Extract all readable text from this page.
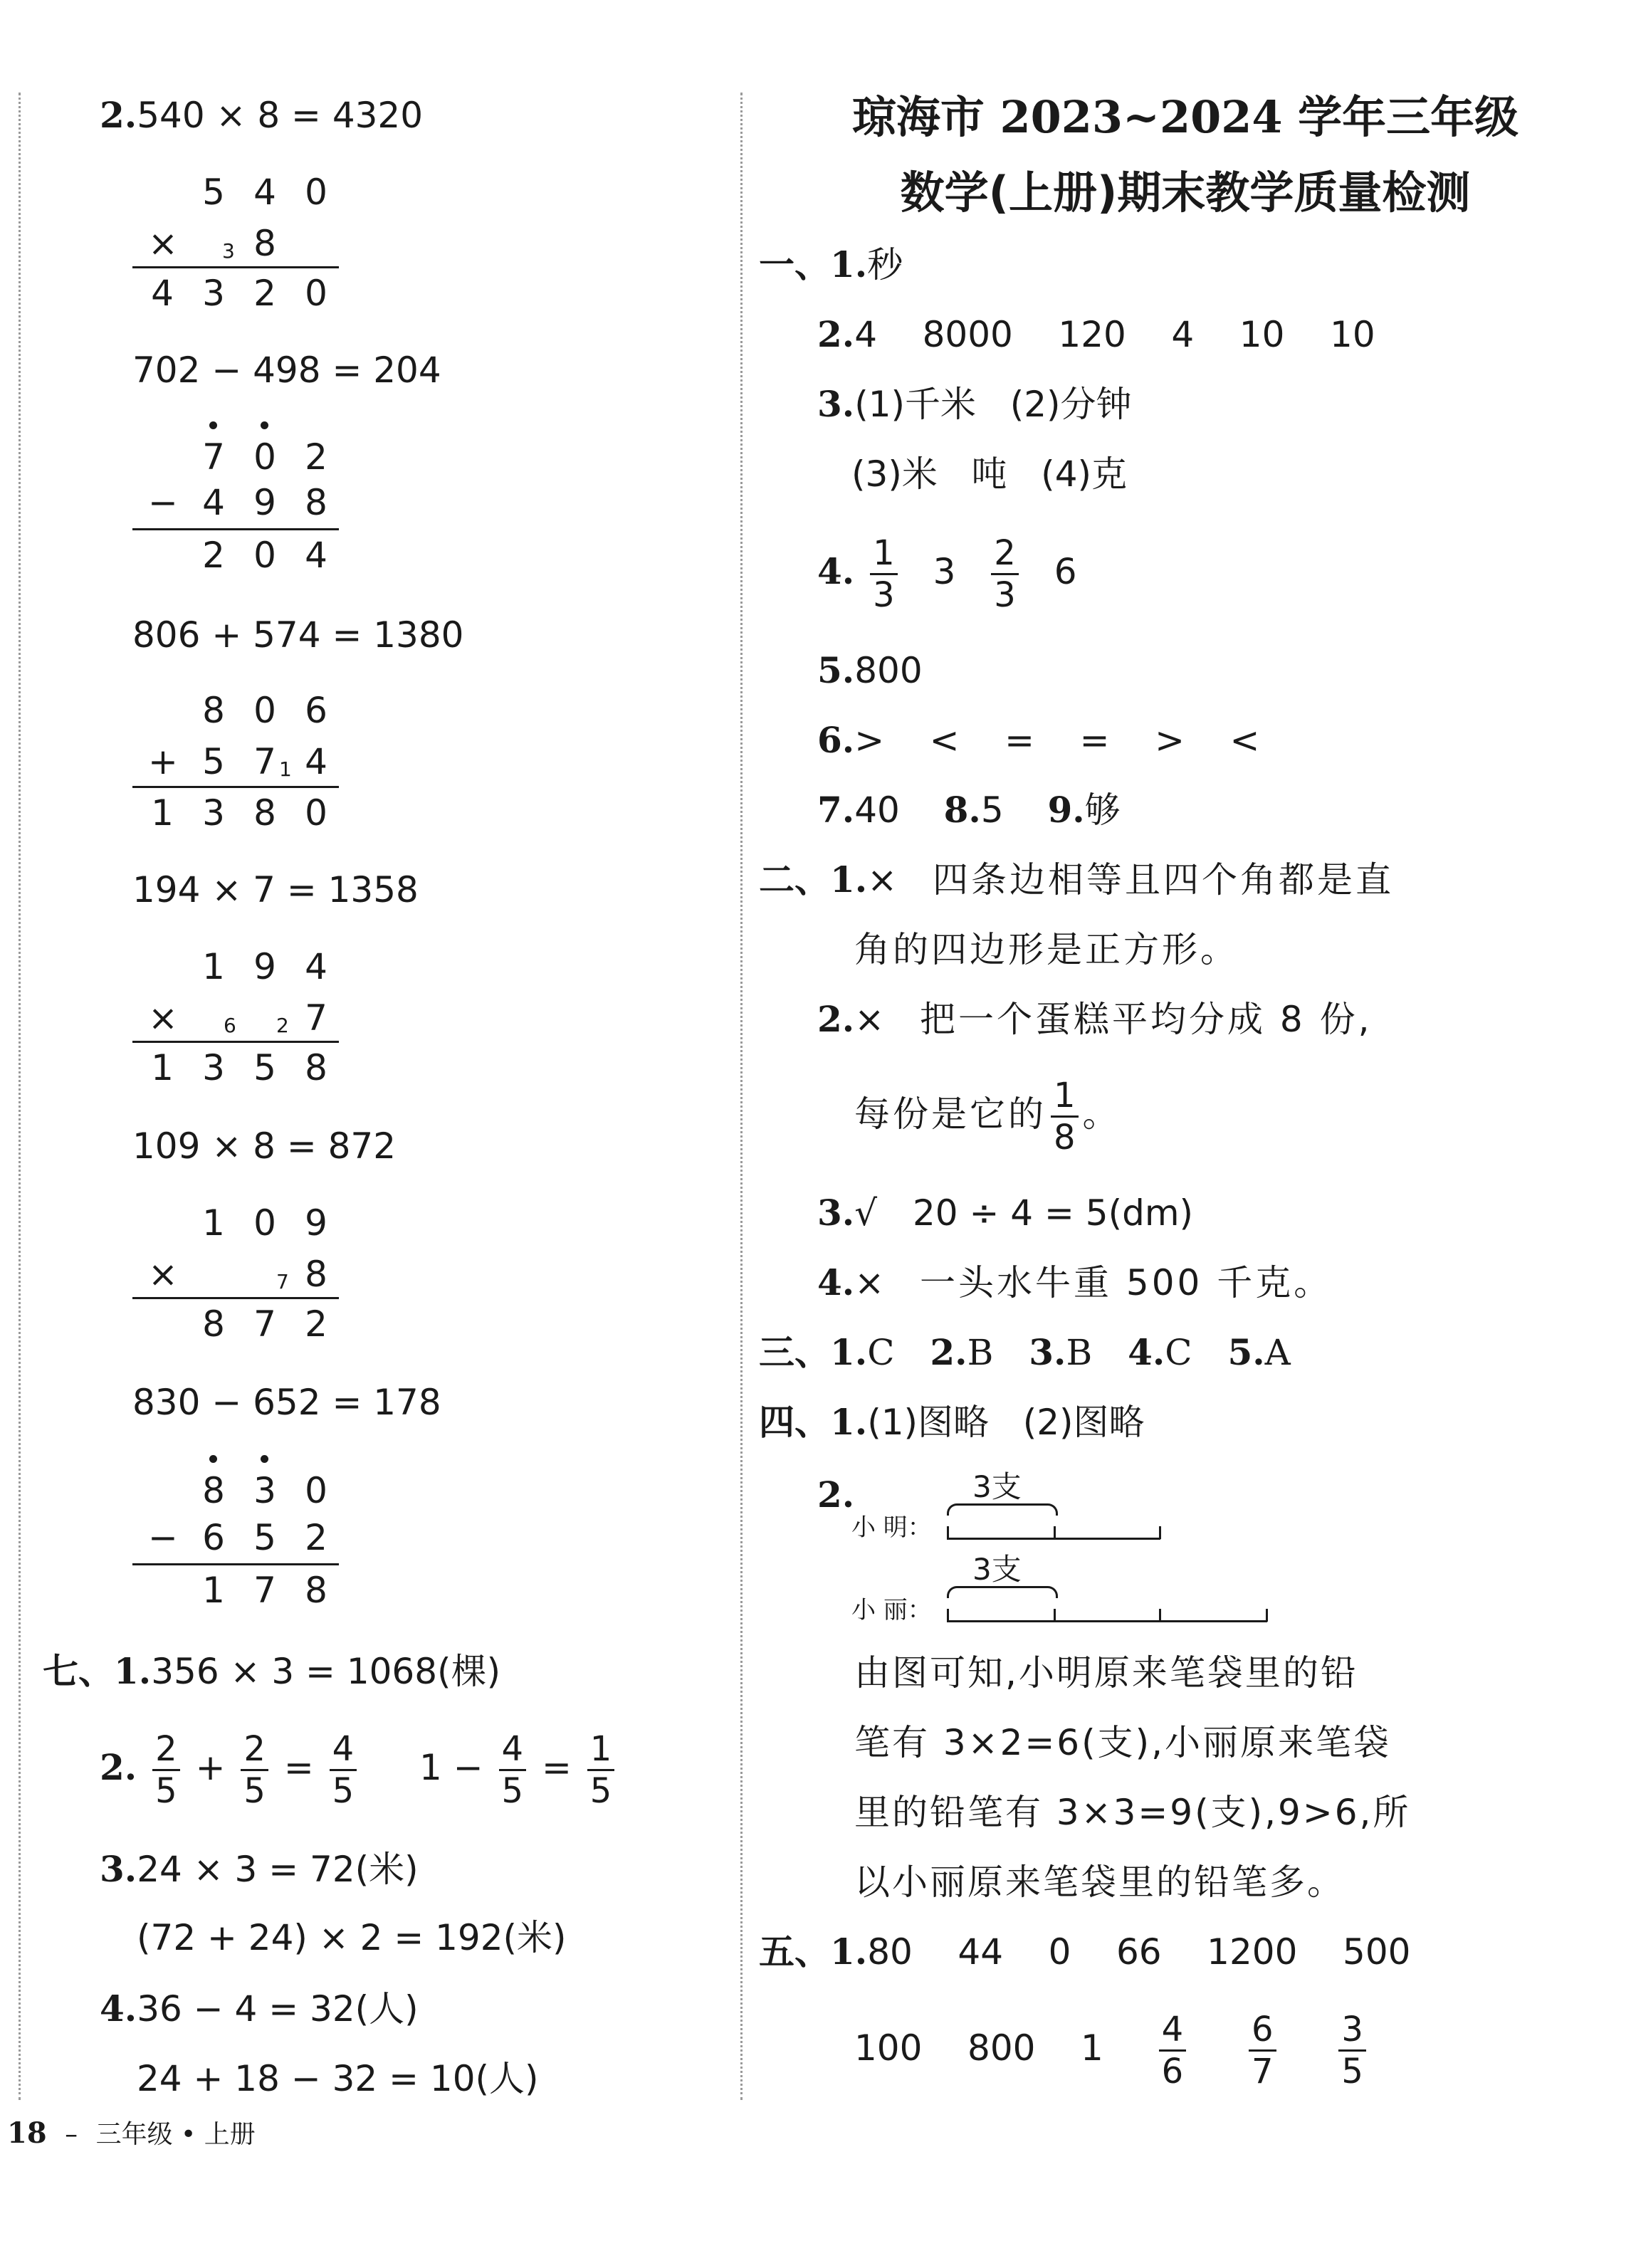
2.540 × 8 = 4320
5 4 0
× 3 8
4 3 2 0
702 − 498 = 204
7 0 2
− 4 9 8
2 0 4
806 + 574 = 1380
8 0 6
+ 5 7 1 4
1 3 8 0
194 × 7 = 1358
1 9 4
× 6 2 7
1 3 5 8
109 × 8 = 872
1 0 9
×	7 8
8 7 2
830 − 652 = 178
8 3 0
− 6 5 2
1 7 8
七、1.356 × 3 = 1068(棵)
2. $\frac{2}{5} + \frac{2}{5} = \frac{4}{5} 1 - \frac{4}{5} = \frac{1}{5}$
3.24 × 3 = 72(米)
(72 + 24) × 2 = 192(米)
4.36 − 4 = 32(人)
24 + 18 − 32 = 10(人)
琼海市 2023~2024 学年三年级
数学(上册)期末教学质量检测
一、1.秒
2.4    8000    120    4    10    10
3.(1)千米   (2)分钟
(3)米   吨   (4)克
4. $\frac{1}{3} 3 \frac{2}{3} 6$
5.800
6.>    <    =    =    >    <
7.40 8.5 9.够
二、1.× 四条边相等且四个角都是直
角的四边形是正方形。
2.× 把一个蛋糕平均分成 8 份,
每份是它的 $\frac{1}{8}$ 。
3.√ 20 ÷ 4 = 5(dm)
4.× 一头水牛重 500 千克。
三、1.C 2.B 3.B 4.C 5.A
四、1.(1)图略   (2)图略
2.	3支
小 明：
3支
小 丽：
由图可知,小明原来笔袋里的铅
笔有 3×2=6(支),小丽原来笔袋
里的铅笔有 3×3=9(支),9>6,所
以小丽原来笔袋里的铅笔多。
五、1.80    44    0    66    1200    500
100    800    $1 \frac{4}{6}$
$\frac{6}{7}$
$\frac{3}{5}$
18 – 三年级 • 上册
